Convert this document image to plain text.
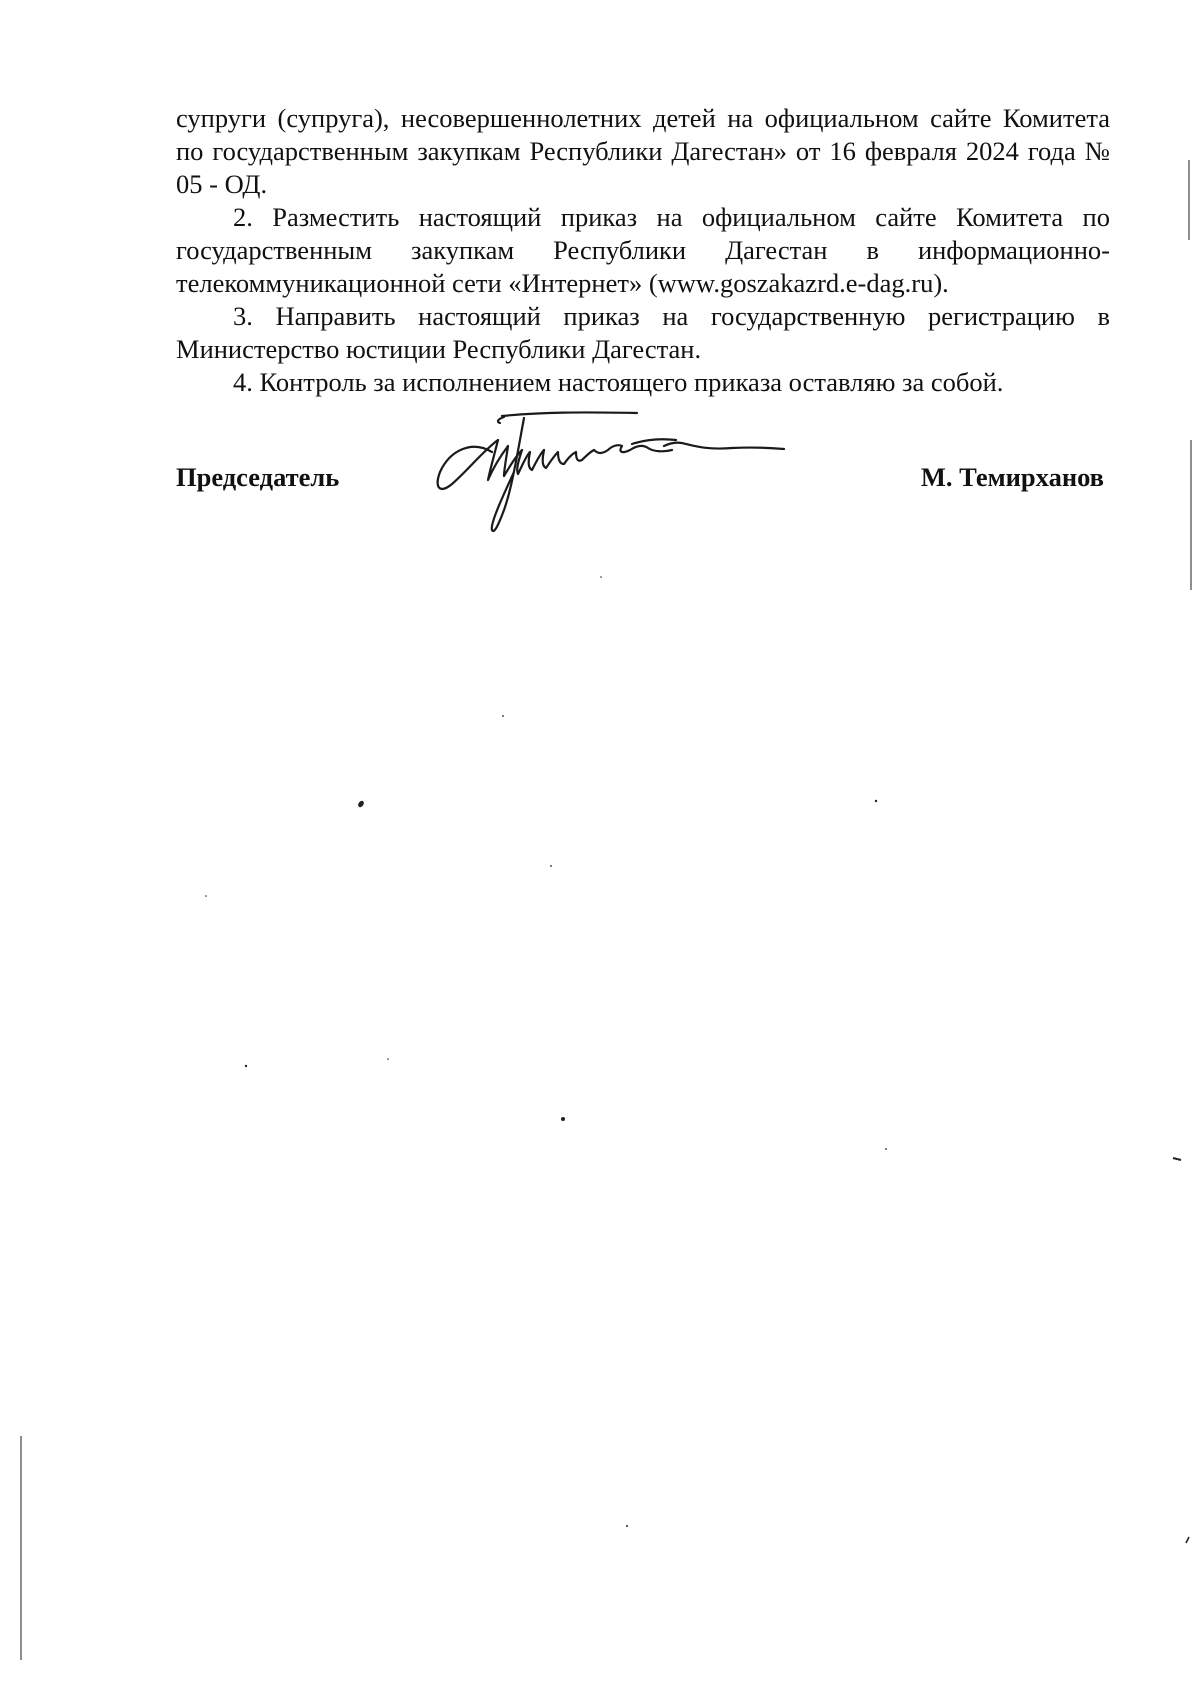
супруги (супруга), несовершеннолетних детей на официальном сайте Комитета по государственным закупкам Республики Дагестан» от 16 февраля 2024 года № 05 - ОД.

2. Разместить настоящий приказ на официальном сайте Комитета по государственным закупкам Республики Дагестан в информационно-телекоммуникационной сети «Интернет» (www.goszakazrd.e-dag.ru).

3. Направить настоящий приказ на государственную регистрацию в Министерство юстиции Республики Дагестан.

4. Контроль за исполнением настоящего приказа оставляю за собой.

Председатель	М. Темирханов
